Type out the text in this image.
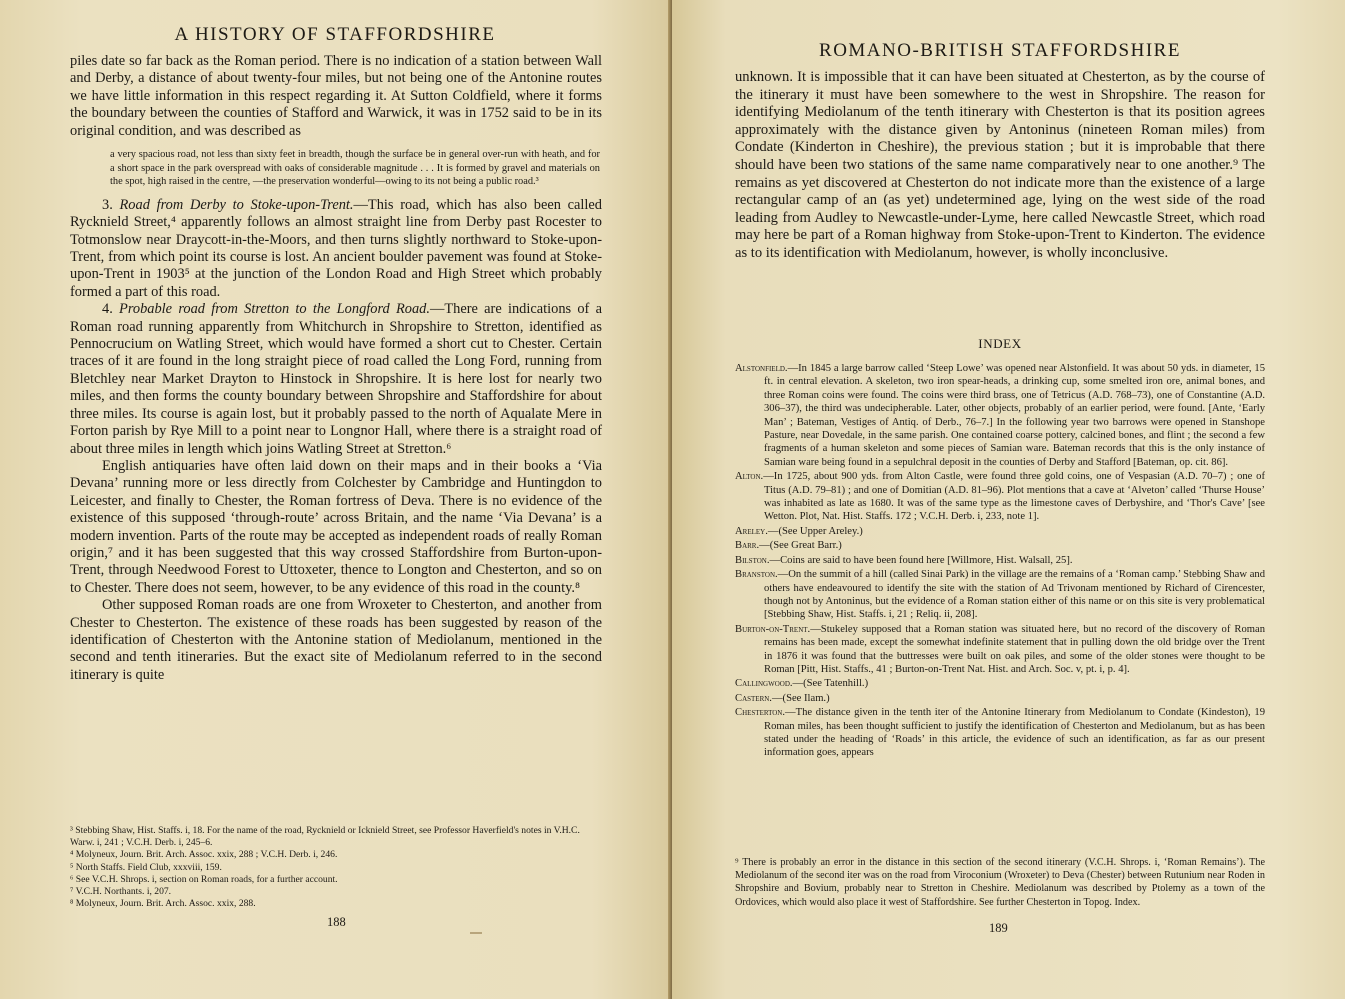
A HISTORY OF STAFFORDSHIRE

piles date so far back as the Roman period. There is no indication of a station between Wall and Derby, a distance of about twenty-four miles, but not being one of the Antonine routes we have little information in this respect regarding it. At Sutton Coldfield, where it forms the boundary between the counties of Stafford and Warwick, it was in 1752 said to be in its original condition, and was described as

a very spacious road, not less than sixty feet in breadth, though the surface be in general over-run with heath, and for a short space in the park overspread with oaks of considerable magnitude . . . It is formed by gravel and materials on the spot, high raised in the centre, —the preservation wonderful—owing to its not being a public road.³

3. Road from Derby to Stoke-upon-Trent.—This road, which has also been called Rycknield Street,⁴ apparently follows an almost straight line from Derby past Rocester to Totmonslow near Draycott-in-the-Moors, and then turns slightly northward to Stoke-upon-Trent, from which point its course is lost. An ancient boulder pavement was found at Stoke-upon-Trent in 1903⁵ at the junction of the London Road and High Street which probably formed a part of this road.

4. Probable road from Stretton to the Longford Road.—There are indications of a Roman road running apparently from Whitchurch in Shropshire to Stretton, identified as Pennocrucium on Watling Street, which would have formed a short cut to Chester. Certain traces of it are found in the long straight piece of road called the Long Ford, running from Bletchley near Market Drayton to Hinstock in Shropshire. It is here lost for nearly two miles, and then forms the county boundary between Shropshire and Staffordshire for about three miles. Its course is again lost, but it probably passed to the north of Aqualate Mere in Forton parish by Rye Mill to a point near to Longnor Hall, where there is a straight road of about three miles in length which joins Watling Street at Stretton.⁶

English antiquaries have often laid down on their maps and in their books a ‘Via Devana’ running more or less directly from Colchester by Cambridge and Huntingdon to Leicester, and finally to Chester, the Roman fortress of Deva. There is no evidence of the existence of this supposed ‘through-route’ across Britain, and the name ‘Via Devana’ is a modern invention. Parts of the route may be accepted as independent roads of really Roman origin,⁷ and it has been suggested that this way crossed Staffordshire from Burton-upon-Trent, through Needwood Forest to Uttoxeter, thence to Longton and Chesterton, and so on to Chester. There does not seem, however, to be any evidence of this road in the county.⁸

Other supposed Roman roads are one from Wroxeter to Chesterton, and another from Chester to Chesterton. The existence of these roads has been suggested by reason of the identification of Chesterton with the Antonine station of Mediolanum, mentioned in the second and tenth itineraries. But the exact site of Mediolanum referred to in the second itinerary is quite

³ Stebbing Shaw, Hist. Staffs. i, 18. For the name of the road, Rycknield or Icknield Street, see Professor Haverfield's notes in V.H.C. Warw. i, 241 ; V.C.H. Derb. i, 245–6.
⁴ Molyneux, Journ. Brit. Arch. Assoc. xxix, 288 ; V.C.H. Derb. i, 246.
⁵ North Staffs. Field Club, xxxviii, 159.
⁶ See V.C.H. Shrops. i, section on Roman roads, for a further account.
⁷ V.C.H. Northants. i, 207.
⁸ Molyneux, Journ. Brit. Arch. Assoc. xxix, 288.
188
ROMANO-BRITISH STAFFORDSHIRE

unknown. It is impossible that it can have been situated at Chesterton, as by the course of the itinerary it must have been somewhere to the west in Shropshire. The reason for identifying Mediolanum of the tenth itinerary with Chesterton is that its position agrees approximately with the distance given by Antoninus (nineteen Roman miles) from Condate (Kinderton in Cheshire), the previous station ; but it is improbable that there should have been two stations of the same name comparatively near to one another.⁹ The remains as yet discovered at Chesterton do not indicate more than the existence of a large rectangular camp of an (as yet) undetermined age, lying on the west side of the road leading from Audley to Newcastle-under-Lyme, here called Newcastle Street, which road may here be part of a Roman highway from Stoke-upon-Trent to Kinderton. The evidence as to its identification with Mediolanum, however, is wholly inconclusive.

INDEX

Alstonfield.—In 1845 a large barrow called ‘Steep Lowe’ was opened near Alstonfield. It was about 50 yds. in diameter, 15 ft. in central elevation. A skeleton, two iron spear-heads, a drinking cup, some smelted iron ore, animal bones, and three Roman coins were found. The coins were third brass, one of Tetricus (A.D. 768–73), one of Constantine (A.D. 306–37), the third was undecipherable. Later, other objects, probably of an earlier period, were found. [Ante, ‘Early Man’ ; Bateman, Vestiges of Antiq. of Derb., 76–7.] In the following year two barrows were opened in Stanshope Pasture, near Dovedale, in the same parish. One contained coarse pottery, calcined bones, and flint ; the second a few fragments of a human skeleton and some pieces of Samian ware. Bateman records that this is the only instance of Samian ware being found in a sepulchral deposit in the counties of Derby and Stafford [Bateman, op. cit. 86].

Alton.—In 1725, about 900 yds. from Alton Castle, were found three gold coins, one of Vespasian (A.D. 70–7) ; one of Titus (A.D. 79–81) ; and one of Domitian (A.D. 81–96). Plot mentions that a cave at ‘Alveton’ called ‘Thurse House’ was inhabited as late as 1680. It was of the same type as the limestone caves of Derbyshire, and ‘Thor's Cave’ [see Wetton. Plot, Nat. Hist. Staffs. 172 ; V.C.H. Derb. i, 233, note 1].

Areley.—(See Upper Areley.)

Barr.—(See Great Barr.)

Bilston.—Coins are said to have been found here [Willmore, Hist. Walsall, 25].

Branston.—On the summit of a hill (called Sinai Park) in the village are the remains of a ‘Roman camp.’ Stebbing Shaw and others have endeavoured to identify the site with the station of Ad Trivonam mentioned by Richard of Cirencester, though not by Antoninus, but the evidence of a Roman station either of this name or on this site is very problematical [Stebbing Shaw, Hist. Staffs. i, 21 ; Reliq. ii, 208].

Burton-on-Trent.—Stukeley supposed that a Roman station was situated here, but no record of the discovery of Roman remains has been made, except the somewhat indefinite statement that in pulling down the old bridge over the Trent in 1876 it was found that the buttresses were built on oak piles, and some of the older stones were thought to be Roman [Pitt, Hist. Staffs., 41 ; Burton-on-Trent Nat. Hist. and Arch. Soc. v, pt. i, p. 4].

Callingwood.—(See Tatenhill.)

Castern.—(See Ilam.)

Chesterton.—The distance given in the tenth iter of the Antonine Itinerary from Mediolanum to Condate (Kindeston), 19 Roman miles, has been thought sufficient to justify the identification of Chesterton and Mediolanum, but as has been stated under the heading of ‘Roads’ in this article, the evidence of such an identification, as far as our present information goes, appears

⁹ There is probably an error in the distance in this section of the second itinerary (V.C.H. Shrops. i, ‘Roman Remains’). The Mediolanum of the second iter was on the road from Viroconium (Wroxeter) to Deva (Chester) between Rutunium near Roden in Shropshire and Bovium, probably near to Stretton in Cheshire. Mediolanum was described by Ptolemy as a town of the Ordovices, which would also place it west of Staffordshire. See further Chesterton in Topog. Index.
189
